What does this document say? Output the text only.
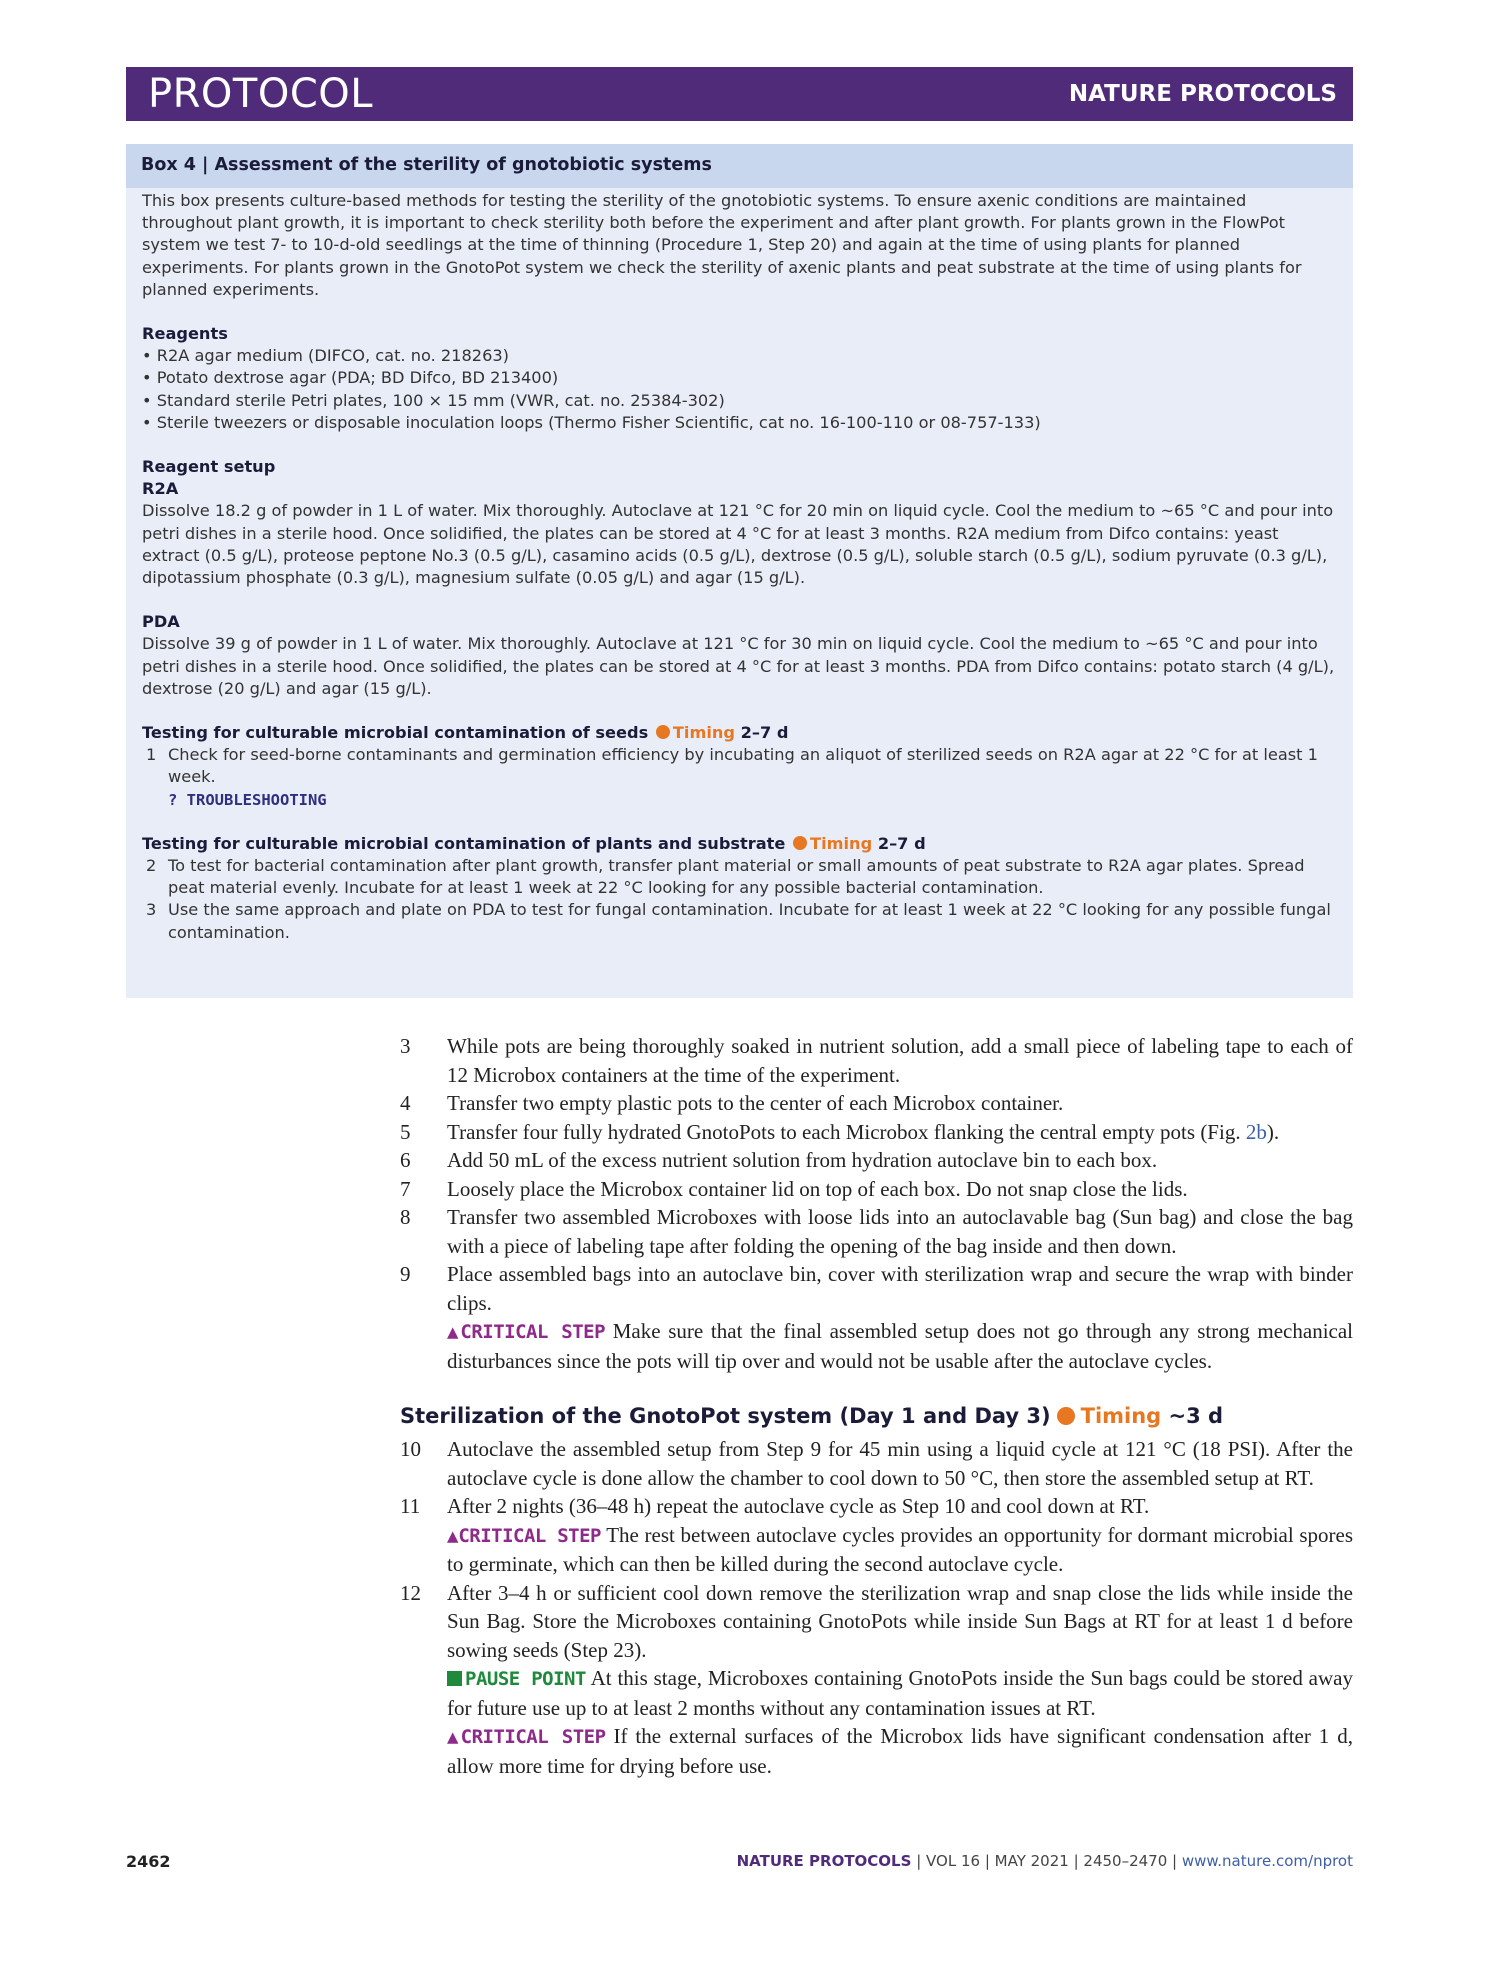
PROTOCOL	NATURE PROTOCOLS
Box 4 | Assessment of the sterility of gnotobiotic systems

This box presents culture-based methods for testing the sterility of the gnotobiotic systems. To ensure axenic conditions are maintained throughout plant growth, it is important to check sterility both before the experiment and after plant growth. For plants grown in the FlowPot system we test 7- to 10-d-old seedlings at the time of thinning (Procedure 1, Step 20) and again at the time of using plants for planned experiments. For plants grown in the GnotoPot system we check the sterility of axenic plants and peat substrate at the time of using plants for planned experiments.

Reagents

• R2A agar medium (DIFCO, cat. no. 218263)

• Potato dextrose agar (PDA; BD Difco, BD 213400)

• Standard sterile Petri plates, 100 × 15 mm (VWR, cat. no. 25384-302)

• Sterile tweezers or disposable inoculation loops (Thermo Fisher Scientific, cat no. 16-100-110 or 08-757-133)

Reagent setup

R2A

Dissolve 18.2 g of powder in 1 L of water. Mix thoroughly. Autoclave at 121 °C for 20 min on liquid cycle. Cool the medium to ~65 °C and pour into petri dishes in a sterile hood. Once solidified, the plates can be stored at 4 °C for at least 3 months. R2A medium from Difco contains: yeast extract (0.5 g/L), proteose peptone No.3 (0.5 g/L), casamino acids (0.5 g/L), dextrose (0.5 g/L), soluble starch (0.5 g/L), sodium pyruvate (0.3 g/L), dipotassium phosphate (0.3 g/L), magnesium sulfate (0.05 g/L) and agar (15 g/L).

PDA

Dissolve 39 g of powder in 1 L of water. Mix thoroughly. Autoclave at 121 °C for 30 min on liquid cycle. Cool the medium to ~65 °C and pour into petri dishes in a sterile hood. Once solidified, the plates can be stored at 4 °C for at least 3 months. PDA from Difco contains: potato starch (4 g/L), dextrose (20 g/L) and agar (15 g/L).

Testing for culturable microbial contamination of seeds Timing 2–7 d

1 Check for seed-borne contaminants and germination efficiency by incubating an aliquot of sterilized seeds on R2A agar at 22 °C for at least 1 week.

? TROUBLESHOOTING

Testing for culturable microbial contamination of plants and substrate Timing 2–7 d

2 To test for bacterial contamination after plant growth, transfer plant material or small amounts of peat substrate to R2A agar plates. Spread peat material evenly. Incubate for at least 1 week at 22 °C looking for any possible bacterial contamination.

3 Use the same approach and plate on PDA to test for fungal contamination. Incubate for at least 1 week at 22 °C looking for any possible fungal contamination.

3 While pots are being thoroughly soaked in nutrient solution, add a small piece of labeling tape to each of 12 Microbox containers at the time of the experiment.
4 Transfer two empty plastic pots to the center of each Microbox container.
5 Transfer four fully hydrated GnotoPots to each Microbox flanking the central empty pots (Fig. 2b).
6 Add 50 mL of the excess nutrient solution from hydration autoclave bin to each box.
7 Loosely place the Microbox container lid on top of each box. Do not snap close the lids.
8 Transfer two assembled Microboxes with loose lids into an autoclavable bag (Sun bag) and close the bag with a piece of labeling tape after folding the opening of the bag inside and then down.
9 Place assembled bags into an autoclave bin, cover with sterilization wrap and secure the wrap with binder clips.
▲CRITICAL STEP Make sure that the final assembled setup does not go through any strong mechanical disturbances since the pots will tip over and would not be usable after the autoclave cycles.
Sterilization of the GnotoPot system (Day 1 and Day 3) Timing ~3 d
10 Autoclave the assembled setup from Step 9 for 45 min using a liquid cycle at 121 °C (18 PSI). After the autoclave cycle is done allow the chamber to cool down to 50 °C, then store the assembled setup at RT.
11 After 2 nights (36–48 h) repeat the autoclave cycle as Step 10 and cool down at RT.
▲CRITICAL STEP The rest between autoclave cycles provides an opportunity for dormant microbial spores to germinate, which can then be killed during the second autoclave cycle.
12 After 3–4 h or sufficient cool down remove the sterilization wrap and snap close the lids while inside the Sun Bag. Store the Microboxes containing GnotoPots while inside Sun Bags at RT for at least 1 d before sowing seeds (Step 23).
PAUSE POINT At this stage, Microboxes containing GnotoPots inside the Sun bags could be stored away for future use up to at least 2 months without any contamination issues at RT.
▲CRITICAL STEP If the external surfaces of the Microbox lids have significant condensation after 1 d, allow more time for drying before use.
2462	NATURE PROTOCOLS | VOL 16 | MAY 2021 | 2450–2470 | www.nature.com/nprot
